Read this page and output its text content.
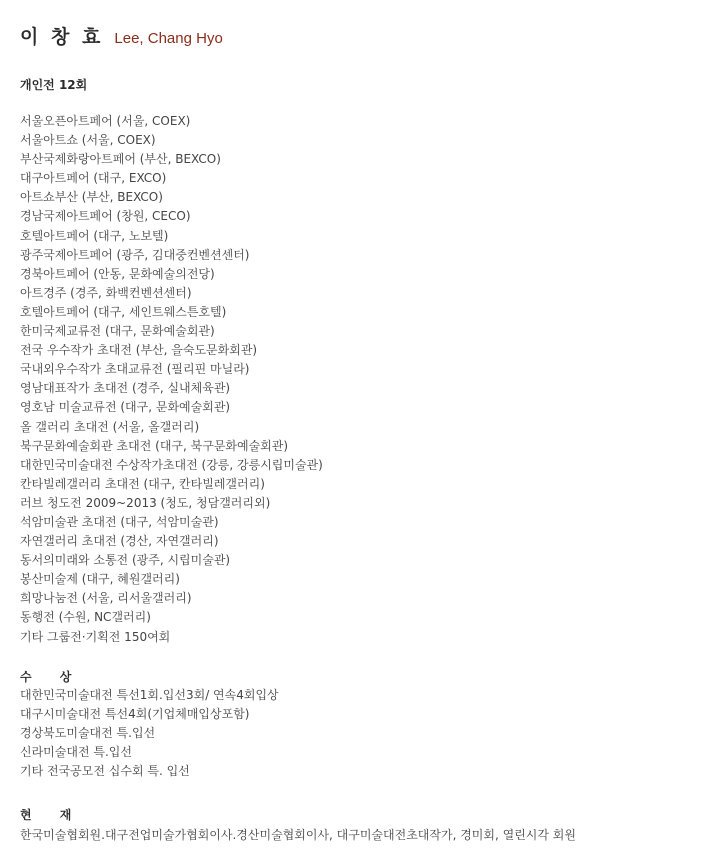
이 창 효 Lee, Chang Hyo
개인전 12회
서울오픈아트페어 (서울, COEX)
서울아트쇼 (서울, COEX)
부산국제화랑아트페어 (부산, BEXCO)
대구아트페어 (대구, EXCO)
아트쇼부산 (부산, BEXCO)
경남국제아트페어 (창원, CECO)
호텔아트페어 (대구, 노보텔)
광주국제아트페어 (광주, 김대중컨벤션센터)
경북아트페어 (안동, 문화예술의전당)
아트경주 (경주, 화백컨벤션센터)
호텔아트페어 (대구, 세인트웨스튼호텔)
한미국제교류전 (대구, 문화예술회관)
전국 우수작가 초대전 (부산, 을숙도문화회관)
국내외우수작가 초대교류전 (필리핀 마닐라)
영남대표작가 초대전 (경주, 실내체육관)
영호남 미술교류전 (대구, 문화예술회관)
올 갤러리 초대전 (서울, 올갤러리)
북구문화예술회관 초대전 (대구, 북구문화예술회관)
대한민국미술대전 수상작가초대전 (강릉, 강릉시립미술관)
칸타빌레갤러리 초대전 (대구, 칸타빌레갤러리)
러브 청도전 2009~2013 (청도, 청담갤러리외)
석암미술관 초대전 (대구, 석암미술관)
자연갤러리 초대전 (경산, 자연갤러리)
동서의미래와 소통전 (광주, 시립미술관)
봉산미술제 (대구, 혜원갤러리)
희망나눔전 (서울, 리서울갤러리)
동행전 (수원, NC갤러리)
기타 그룹전·기획전 150여회
수 상
대한민국미술대전 특선1회.입선3회/ 연속4회입상
대구시미술대전 특선4회(기업체매입상포함)
경상북도미술대전 특.입선
신라미술대전 특.입선
기타 전국공모전 십수회 특. 입선
현 재
한국미술협회원.대구전업미술가협회이사.경산미술협회이사, 대구미술대전초대작가, 경미회, 열린시각 회원
